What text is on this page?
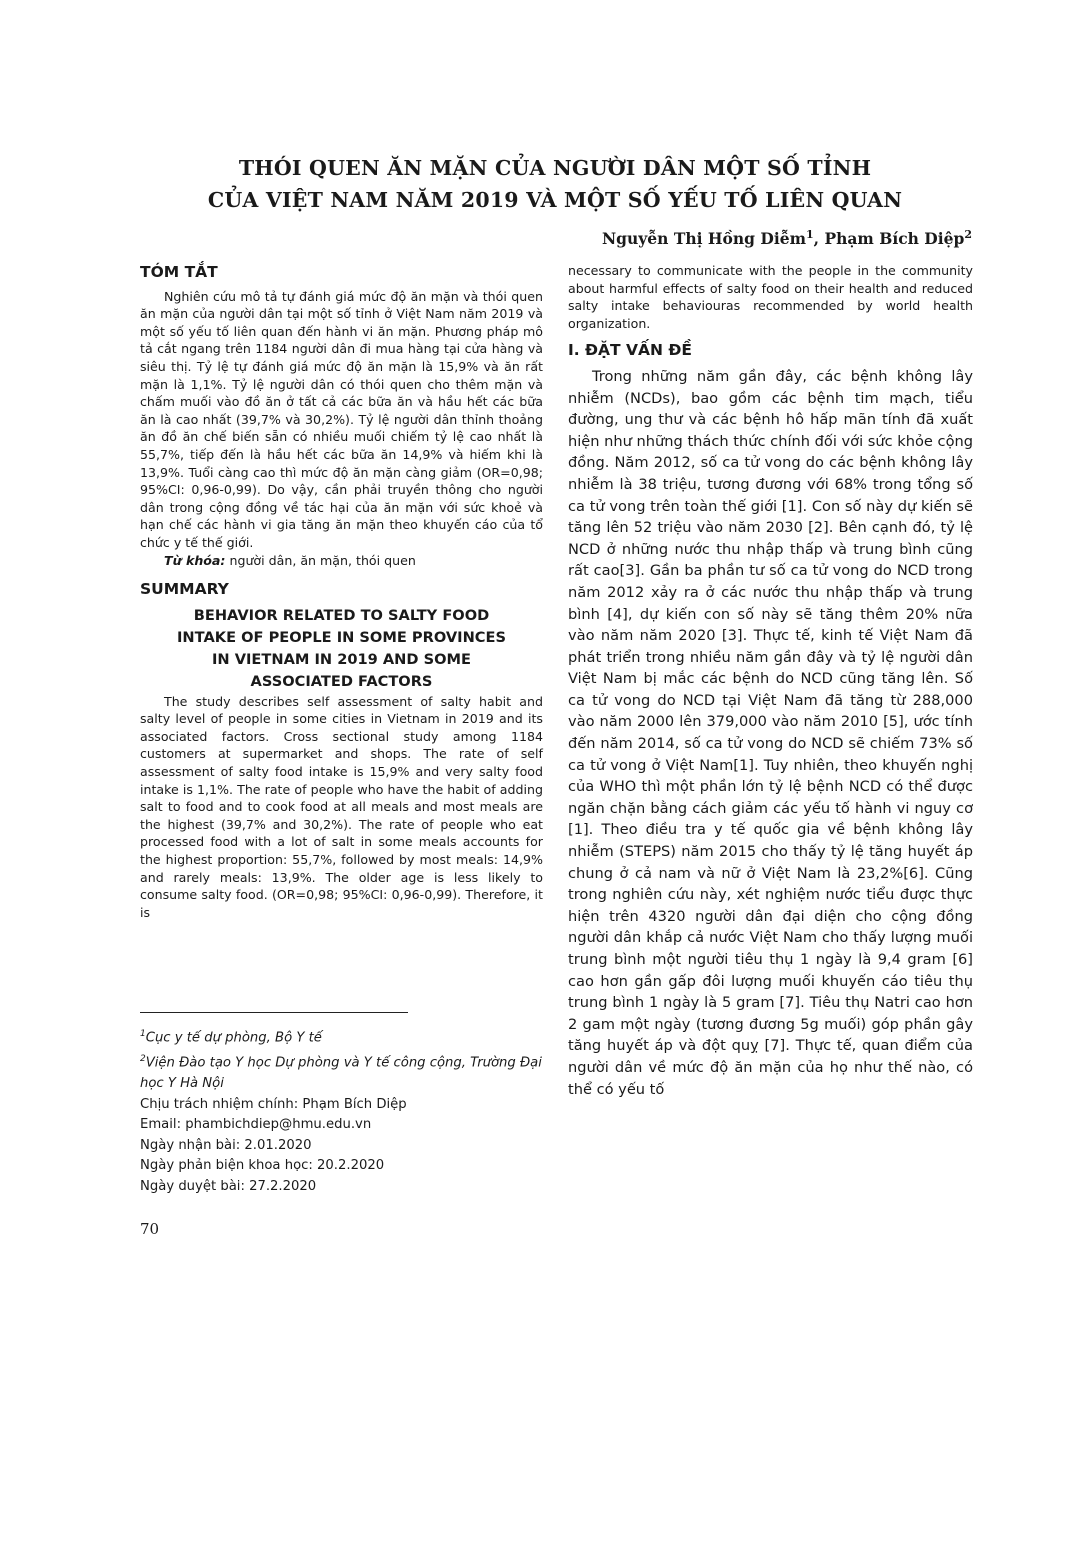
THÓI QUEN ĂN MẶN CỦA NGƯỜI DÂN MỘT SỐ TỈNH
CỦA VIỆT NAM NĂM 2019 VÀ MỘT SỐ YẾU TỐ LIÊN QUAN
Nguyễn Thị Hồng Diễm$^1$, Phạm Bích Diệp$^2$
TÓM TẮT

Nghiên cứu mô tả tự đánh giá mức độ ăn mặn và thói quen ăn mặn của người dân tại một số tỉnh ở Việt Nam năm 2019 và một số yếu tố liên quan đến hành vi ăn mặn. Phương pháp mô tả cắt ngang trên 1184 người dân đi mua hàng tại cửa hàng và siêu thị. Tỷ lệ tự đánh giá mức độ ăn mặn là 15,9% và ăn rất mặn là 1,1%. Tỷ lệ người dân có thói quen cho thêm mặn và chấm muối vào đồ ăn ở tất cả các bữa ăn và hầu hết các bữa ăn là cao nhất (39,7% và 30,2%). Tỷ lệ người dân thỉnh thoảng ăn đồ ăn chế biến sẵn có nhiều muối chiếm tỷ lệ cao nhất là 55,7%, tiếp đến là hầu hết các bữa ăn 14,9% và hiếm khi là 13,9%. Tuổi càng cao thì mức độ ăn mặn càng giảm (OR=0,98; 95%CI: 0,96-0,99). Do vậy, cần phải truyền thông cho người dân trong cộng đồng về tác hại của ăn mặn với sức khoẻ và hạn chế các hành vi gia tăng ăn mặn theo khuyến cáo của tổ chức y tế thế giới.

Từ khóa: người dân, ăn mặn, thói quen

SUMMARY
BEHAVIOR RELATED TO SALTY FOOD
INTAKE OF PEOPLE IN SOME PROVINCES
IN VIETNAM IN 2019 AND SOME
ASSOCIATED FACTORS

The study describes self assessment of salty habit and salty level of people in some cities in Vietnam in 2019 and its associated factors. Cross sectional study among 1184 customers at supermarket and shops. The rate of self assessment of salty food intake is 15,9% and very salty food intake is 1,1%. The rate of people who have the habit of adding salt to food and to cook food at all meals and most meals are the highest (39,7% and 30,2%). The rate of people who eat processed food with a lot of salt in some meals accounts for the highest proportion: 55,7%, followed by most meals: 14,9% and rarely meals: 13,9%. The older age is less likely to consume salty food. (OR=0,98; 95%CI: 0,96-0,99). Therefore, it is

$^1$Cục y tế dự phòng, Bộ Y tế
$^2$Viện Đào tạo Y học Dự phòng và Y tế công cộng, Trường Đại học Y Hà Nội
Chịu trách nhiệm chính: Phạm Bích Diệp
Email: phambichdiep@hmu.edu.vn
Ngày nhận bài: 2.01.2020
Ngày phản biện khoa học: 20.2.2020
Ngày duyệt bài: 27.2.2020

necessary to communicate with the people in the community about harmful effects of salty food on their health and reduced salty intake behaviouras recommended by world health organization.

I. ĐẶT VẤN ĐỀ

Trong những năm gần đây, các bệnh không lây nhiễm (NCDs), bao gồm các bệnh tim mạch, tiểu đường, ung thư và các bệnh hô hấp mãn tính đã xuất hiện như những thách thức chính đối với sức khỏe cộng đồng. Năm 2012, số ca tử vong do các bệnh không lây nhiễm là 38 triệu, tương đương với 68% trong tổng số ca tử vong trên toàn thế giới [1]. Con số này dự kiến sẽ tăng lên 52 triệu vào năm 2030 [2]. Bên cạnh đó, tỷ lệ NCD ở những nước thu nhập thấp và trung bình cũng rất cao[3]. Gần ba phần tư số ca tử vong do NCD trong năm 2012 xảy ra ở các nước thu nhập thấp và trung bình [4], dự kiến con số này sẽ tăng thêm 20% nữa vào năm năm 2020 [3]. Thực tế, kinh tế Việt Nam đã phát triển trong nhiều năm gần đây và tỷ lệ người dân Việt Nam bị mắc các bệnh do NCD cũng tăng lên. Số ca tử vong do NCD tại Việt Nam đã tăng từ 288,000 vào năm 2000 lên 379,000 vào năm 2010 [5], ước tính đến năm 2014, số ca tử vong do NCD sẽ chiếm 73% số ca tử vong ở Việt Nam[1]. Tuy nhiên, theo khuyến nghị của WHO thì một phần lớn tỷ lệ bệnh NCD có thể được ngăn chặn bằng cách giảm các yếu tố hành vi nguy cơ [1]. Theo điều tra y tế quốc gia về bệnh không lây nhiễm (STEPS) năm 2015 cho thấy tỷ lệ tăng huyết áp chung ở cả nam và nữ ở Việt Nam là 23,2%[6]. Cũng trong nghiên cứu này, xét nghiệm nước tiểu được thực hiện trên 4320 người dân đại diện cho cộng đồng người dân khắp cả nước Việt Nam cho thấy lượng muối trung bình một người tiêu thụ 1 ngày là 9,4 gram [6] cao hơn gần gấp đôi lượng muối khuyến cáo tiêu thụ trung bình 1 ngày là 5 gram [7]. Tiêu thụ Natri cao hơn 2 gam một ngày (tương đương 5g muối) góp phần gây tăng huyết áp và đột quỵ [7]. Thực tế, quan điểm của người dân về mức độ ăn mặn của họ như thế nào, có thể có yếu tố

70
